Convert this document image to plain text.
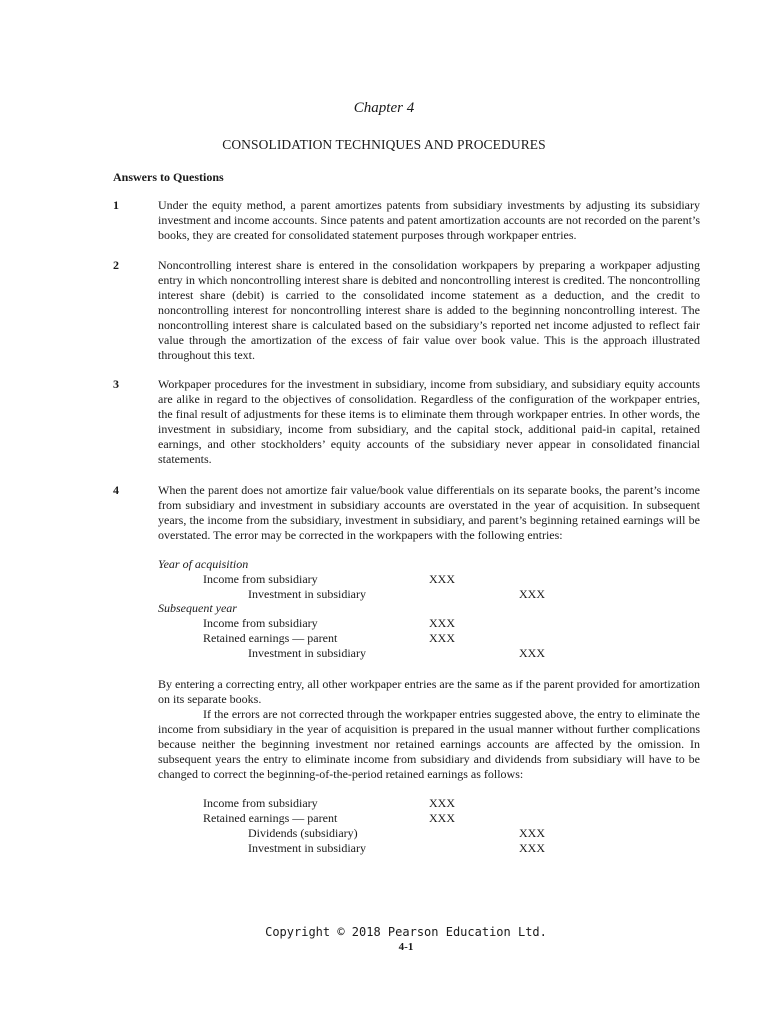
Chapter 4
CONSOLIDATION TECHNIQUES AND PROCEDURES
Answers to Questions
1	Under the equity method, a parent amortizes patents from subsidiary investments by adjusting its subsidiary investment and income accounts. Since patents and patent amortization accounts are not recorded on the parent’s books, they are created for consolidated statement purposes through workpaper entries.
2	Noncontrolling interest share is entered in the consolidation workpapers by preparing a workpaper adjusting entry in which noncontrolling interest share is debited and noncontrolling interest is credited. The noncontrolling interest share (debit) is carried to the consolidated income statement as a deduction, and the credit to noncontrolling interest for noncontrolling interest share is added to the beginning noncontrolling interest. The noncontrolling interest share is calculated based on the subsidiary’s reported net income adjusted to reflect fair value through the amortization of the excess of fair value over book value. This is the approach illustrated throughout this text.
3	Workpaper procedures for the investment in subsidiary, income from subsidiary, and subsidiary equity accounts are alike in regard to the objectives of consolidation. Regardless of the configuration of the workpaper entries, the final result of adjustments for these items is to eliminate them through workpaper entries. In other words, the investment in subsidiary, income from subsidiary, and the capital stock, additional paid-in capital, retained earnings, and other stockholders’ equity accounts of the subsidiary never appear in consolidated financial statements.
4	When the parent does not amortize fair value/book value differentials on its separate books, the parent’s income from subsidiary and investment in subsidiary accounts are overstated in the year of acquisition. In subsequent years, the income from the subsidiary, investment in subsidiary, and parent’s beginning retained earnings will be overstated. The error may be corrected in the workpapers with the following entries:
Year of acquisition
Income from subsidiary	XXX
Investment in subsidiary	XXX
Subsequent year
Income from subsidiary	XXX
Retained earnings — parent	XXX
Investment in subsidiary	XXX
By entering a correcting entry, all other workpaper entries are the same as if the parent provided for amortization on its separate books.
If the errors are not corrected through the workpaper entries suggested above, the entry to eliminate the income from subsidiary in the year of acquisition is prepared in the usual manner without further complications because neither the beginning investment nor retained earnings accounts are affected by the omission. In subsequent years the entry to eliminate income from subsidiary and dividends from subsidiary will have to be changed to correct the beginning-of-the-period retained earnings as follows:
Income from subsidiary	XXX
Retained earnings — parent	XXX
Dividends (subsidiary)	XXX
Investment in subsidiary	XXX
Copyright © 2018 Pearson Education Ltd.
4-1
